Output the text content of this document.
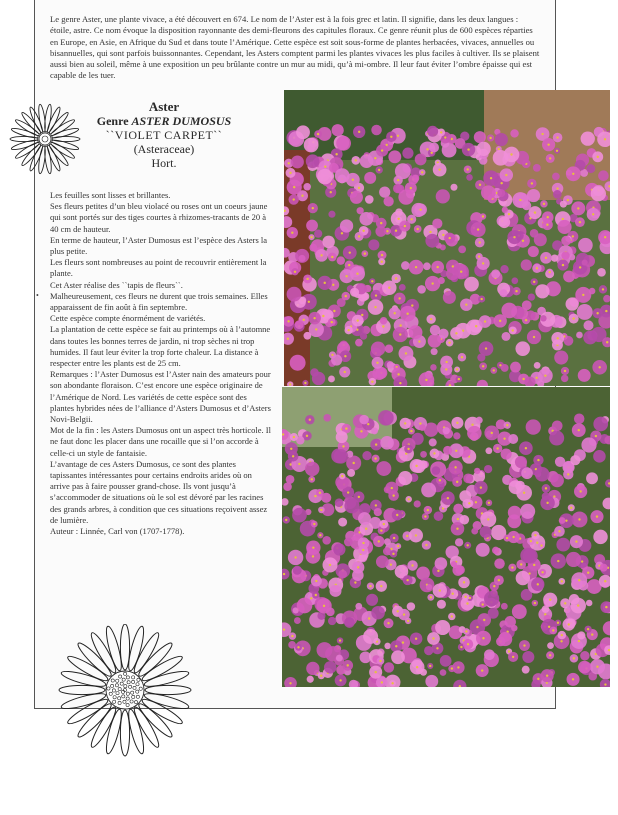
Le genre Aster, une plante vivace, a été découvert en 674. Le nom de l’Aster est à la fois grec et latin. Il signifie, dans les deux langues : étoile, astre. Ce nom évoque la disposition rayonnante des demi-fleurons des capitules floraux. Ce genre réunit plus de 600 espèces réparties en Europe, en Asie, en Afrique du Sud et dans toute l’Amérique. Cette espèce est soit sous-forme de plantes herbacées, vivaces, annuelles ou bisannuelles, qui sont parfois buissonnantes. Cependant, les Asters comptent parmi les plantes vivaces les plus faciles à cultiver. Ils se plaisent aussi bien au soleil, même à une exposition un peu brûlante contre un mur au midi, qu’à mi-ombre. Il leur faut éviter l’ombre épaisse qui est capable de les tuer.
Aster
Genre ASTER DUMOSUS
``VIOLET CARPET``
(Asteraceae)
Hort.
•

Les feuilles sont lisses et brillantes.

Ses fleurs petites d’un bleu violacé ou roses ont un coeurs jaune qui sont portés sur des tiges courtes à rhizomes-tracants de 20 à 40 cm de hauteur.

En terme de hauteur, l’Aster Dumosus est l’espèce des Asters la plus petite.

Les fleurs sont nombreuses au point de recouvrir entièrement la plante.

Cet Aster réalise des ``tapis de fleurs``.

Malheureusement, ces fleurs ne durent que trois semaines. Elles apparaissent de fin août à fin septembre.

Cette espèce compte énormément de variétés.

La plantation de cette espèce se fait au printemps où à l’automne dans toutes les bonnes terres de jardin, ni trop sèches ni trop humides. Il faut leur éviter la trop forte chaleur. La distance à respecter entre les plants est de 25 cm.

Remarques : l’Aster Dumosus est l’Aster nain des amateurs pour son abondante floraison. C’est encore une espèce originaire de l’Amérique de Nord. Les variétés de cette espèce sont des plantes hybrides nées de l’alliance d’Asters Dumosus et d’Asters Novi-Belgii.

Mot de la fin : les Asters Dumosus ont un aspect très horticole. Il ne faut donc les placer dans une rocaille que si l’on accorde à celle-ci un style de fantaisie.

L’avantage de ces Asters Dumosus, ce sont des plantes tapissantes intéressantes pour certains endroits arides où on arrive pas à faire pousser grand-chose. Ils vont jusqu’à s’accommoder de situations où le sol est dévoré par les racines des grands arbres, à condition que ces situations reçoivent assez de lumière.

Auteur : Linnée, Carl von (1707-1778).
